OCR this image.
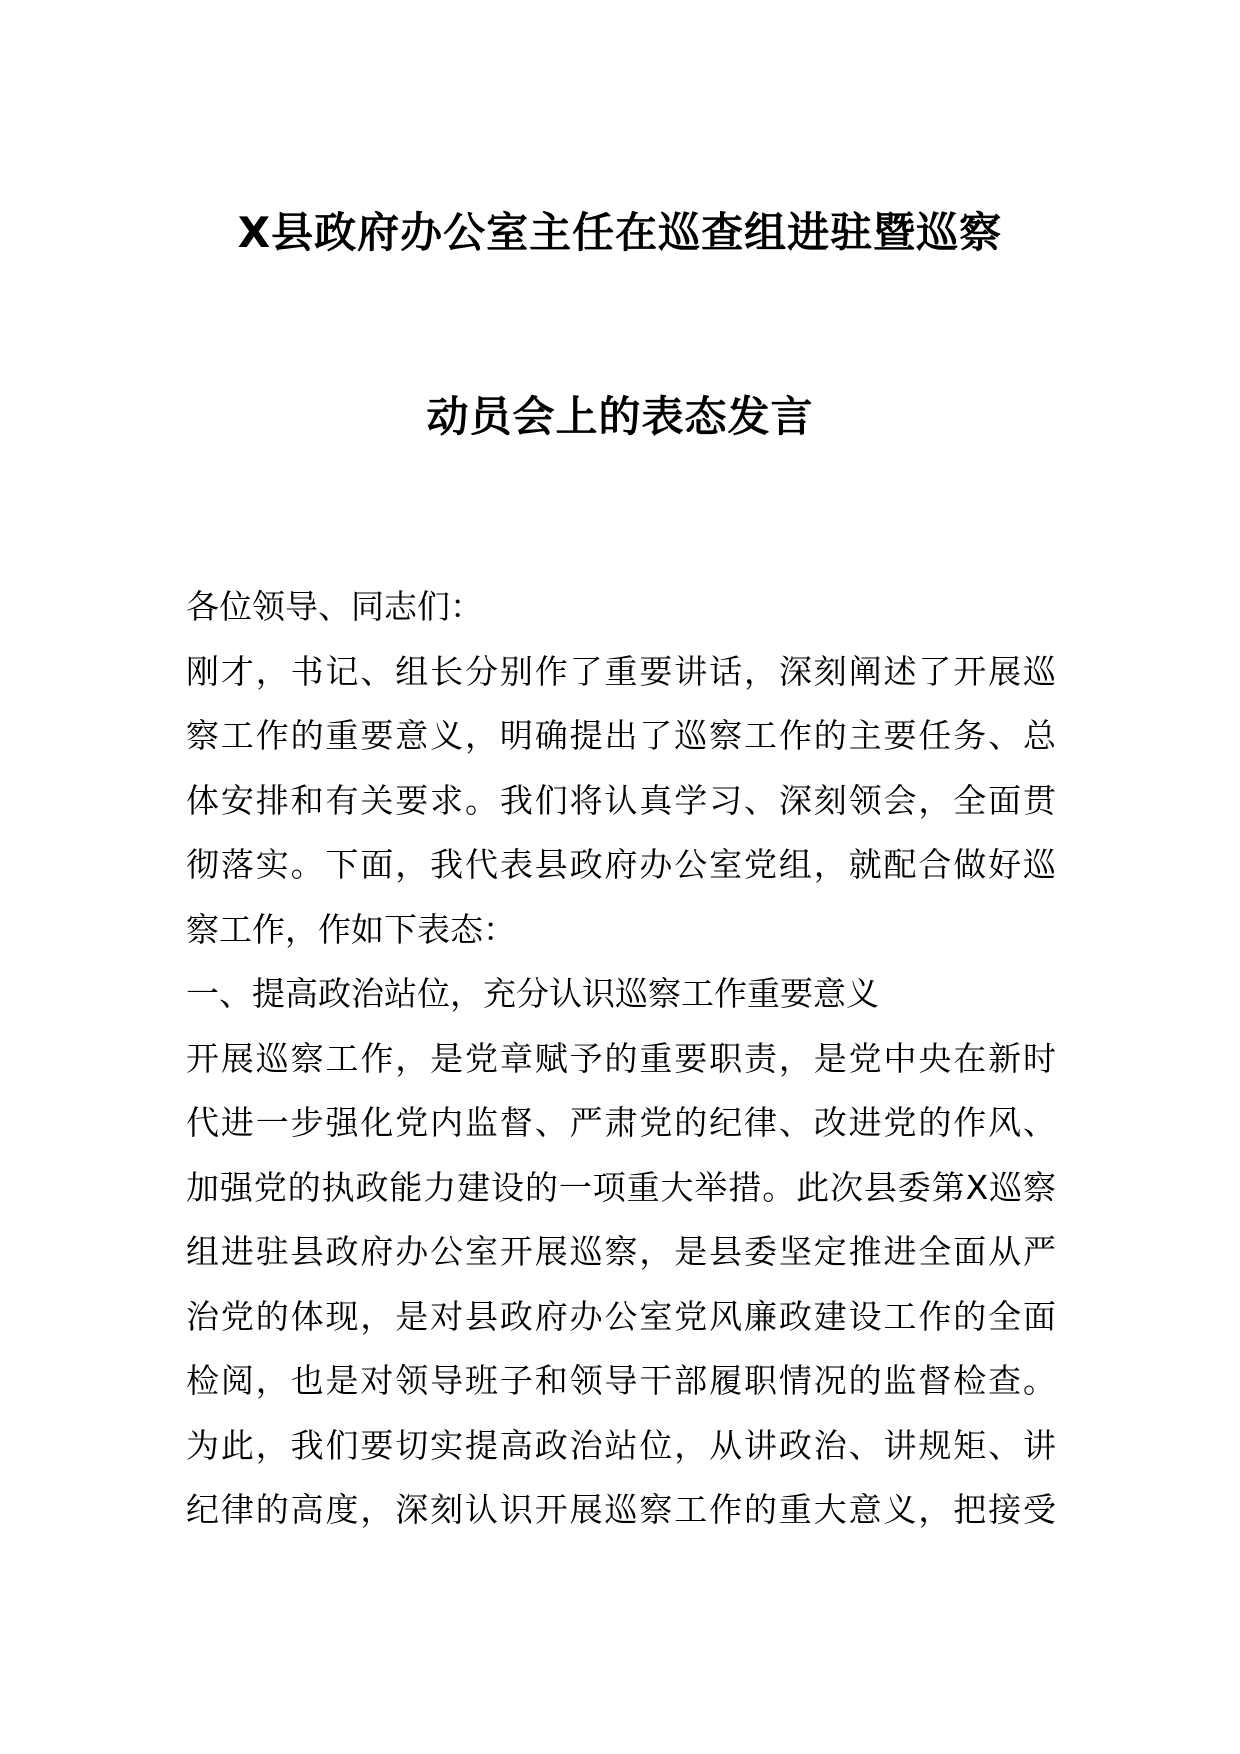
X县政府办公室主任在巡查组进驻暨巡察
动员会上的表态发言
各位领导、同志们：
刚才，书记、组长分别作了重要讲话，深刻阐述了开展巡
察工作的重要意义，明确提出了巡察工作的主要任务、总
体安排和有关要求。我们将认真学习、深刻领会，全面贯
彻落实。下面，我代表县政府办公室党组，就配合做好巡
察工作，作如下表态：
一、提高政治站位，充分认识巡察工作重要意义
开展巡察工作，是党章赋予的重要职责，是党中央在新时
代进一步强化党内监督、严肃党的纪律、改进党的作风、
加强党的执政能力建设的一项重大举措。此次县委第X巡察
组进驻县政府办公室开展巡察，是县委坚定推进全面从严
治党的体现，是对县政府办公室党风廉政建设工作的全面
检阅，也是对领导班子和领导干部履职情况的监督检查。
为此，我们要切实提高政治站位，从讲政治、讲规矩、讲
纪律的高度，深刻认识开展巡察工作的重大意义，把接受
